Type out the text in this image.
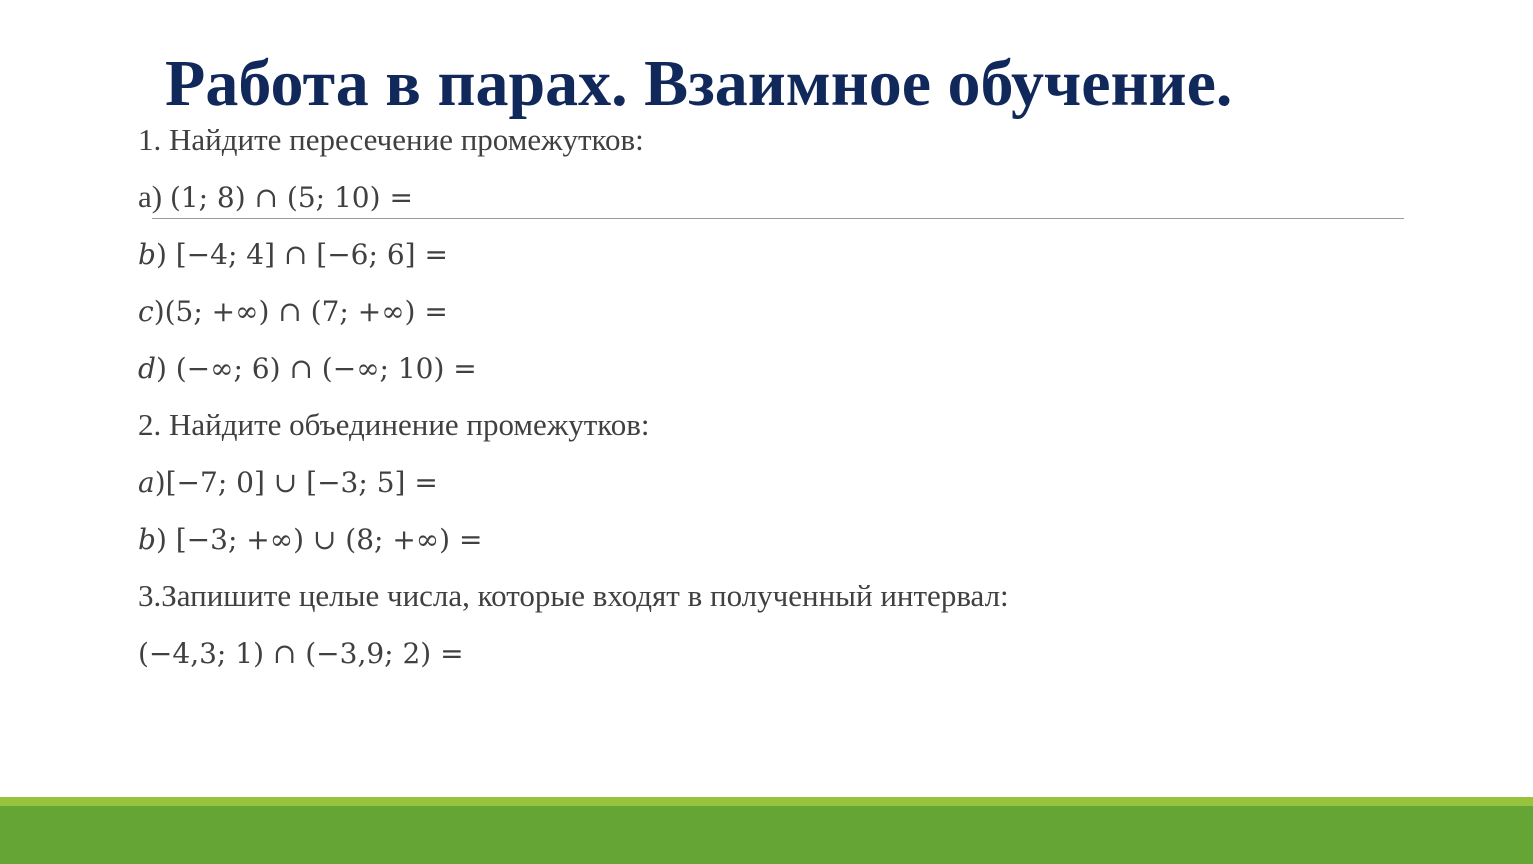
Работа в парах. Взаимное обучение.

1. Найдите пересечение промежутков:

а) (1; 8) ∩ (5; 10) =

b) [−4; 4] ∩ [−6; 6] =

c)(5; +∞) ∩ (7; +∞) =

d) (−∞; 6) ∩ (−∞; 10) =

2. Найдите объединение промежутков:

a)[−7; 0] ∪ [−3; 5] =

b) [−3; +∞) ∪ (8; +∞) =

3.Запишите целые числа, которые входят в полученный интервал:

(−4,3; 1) ∩ (−3,9; 2) =
